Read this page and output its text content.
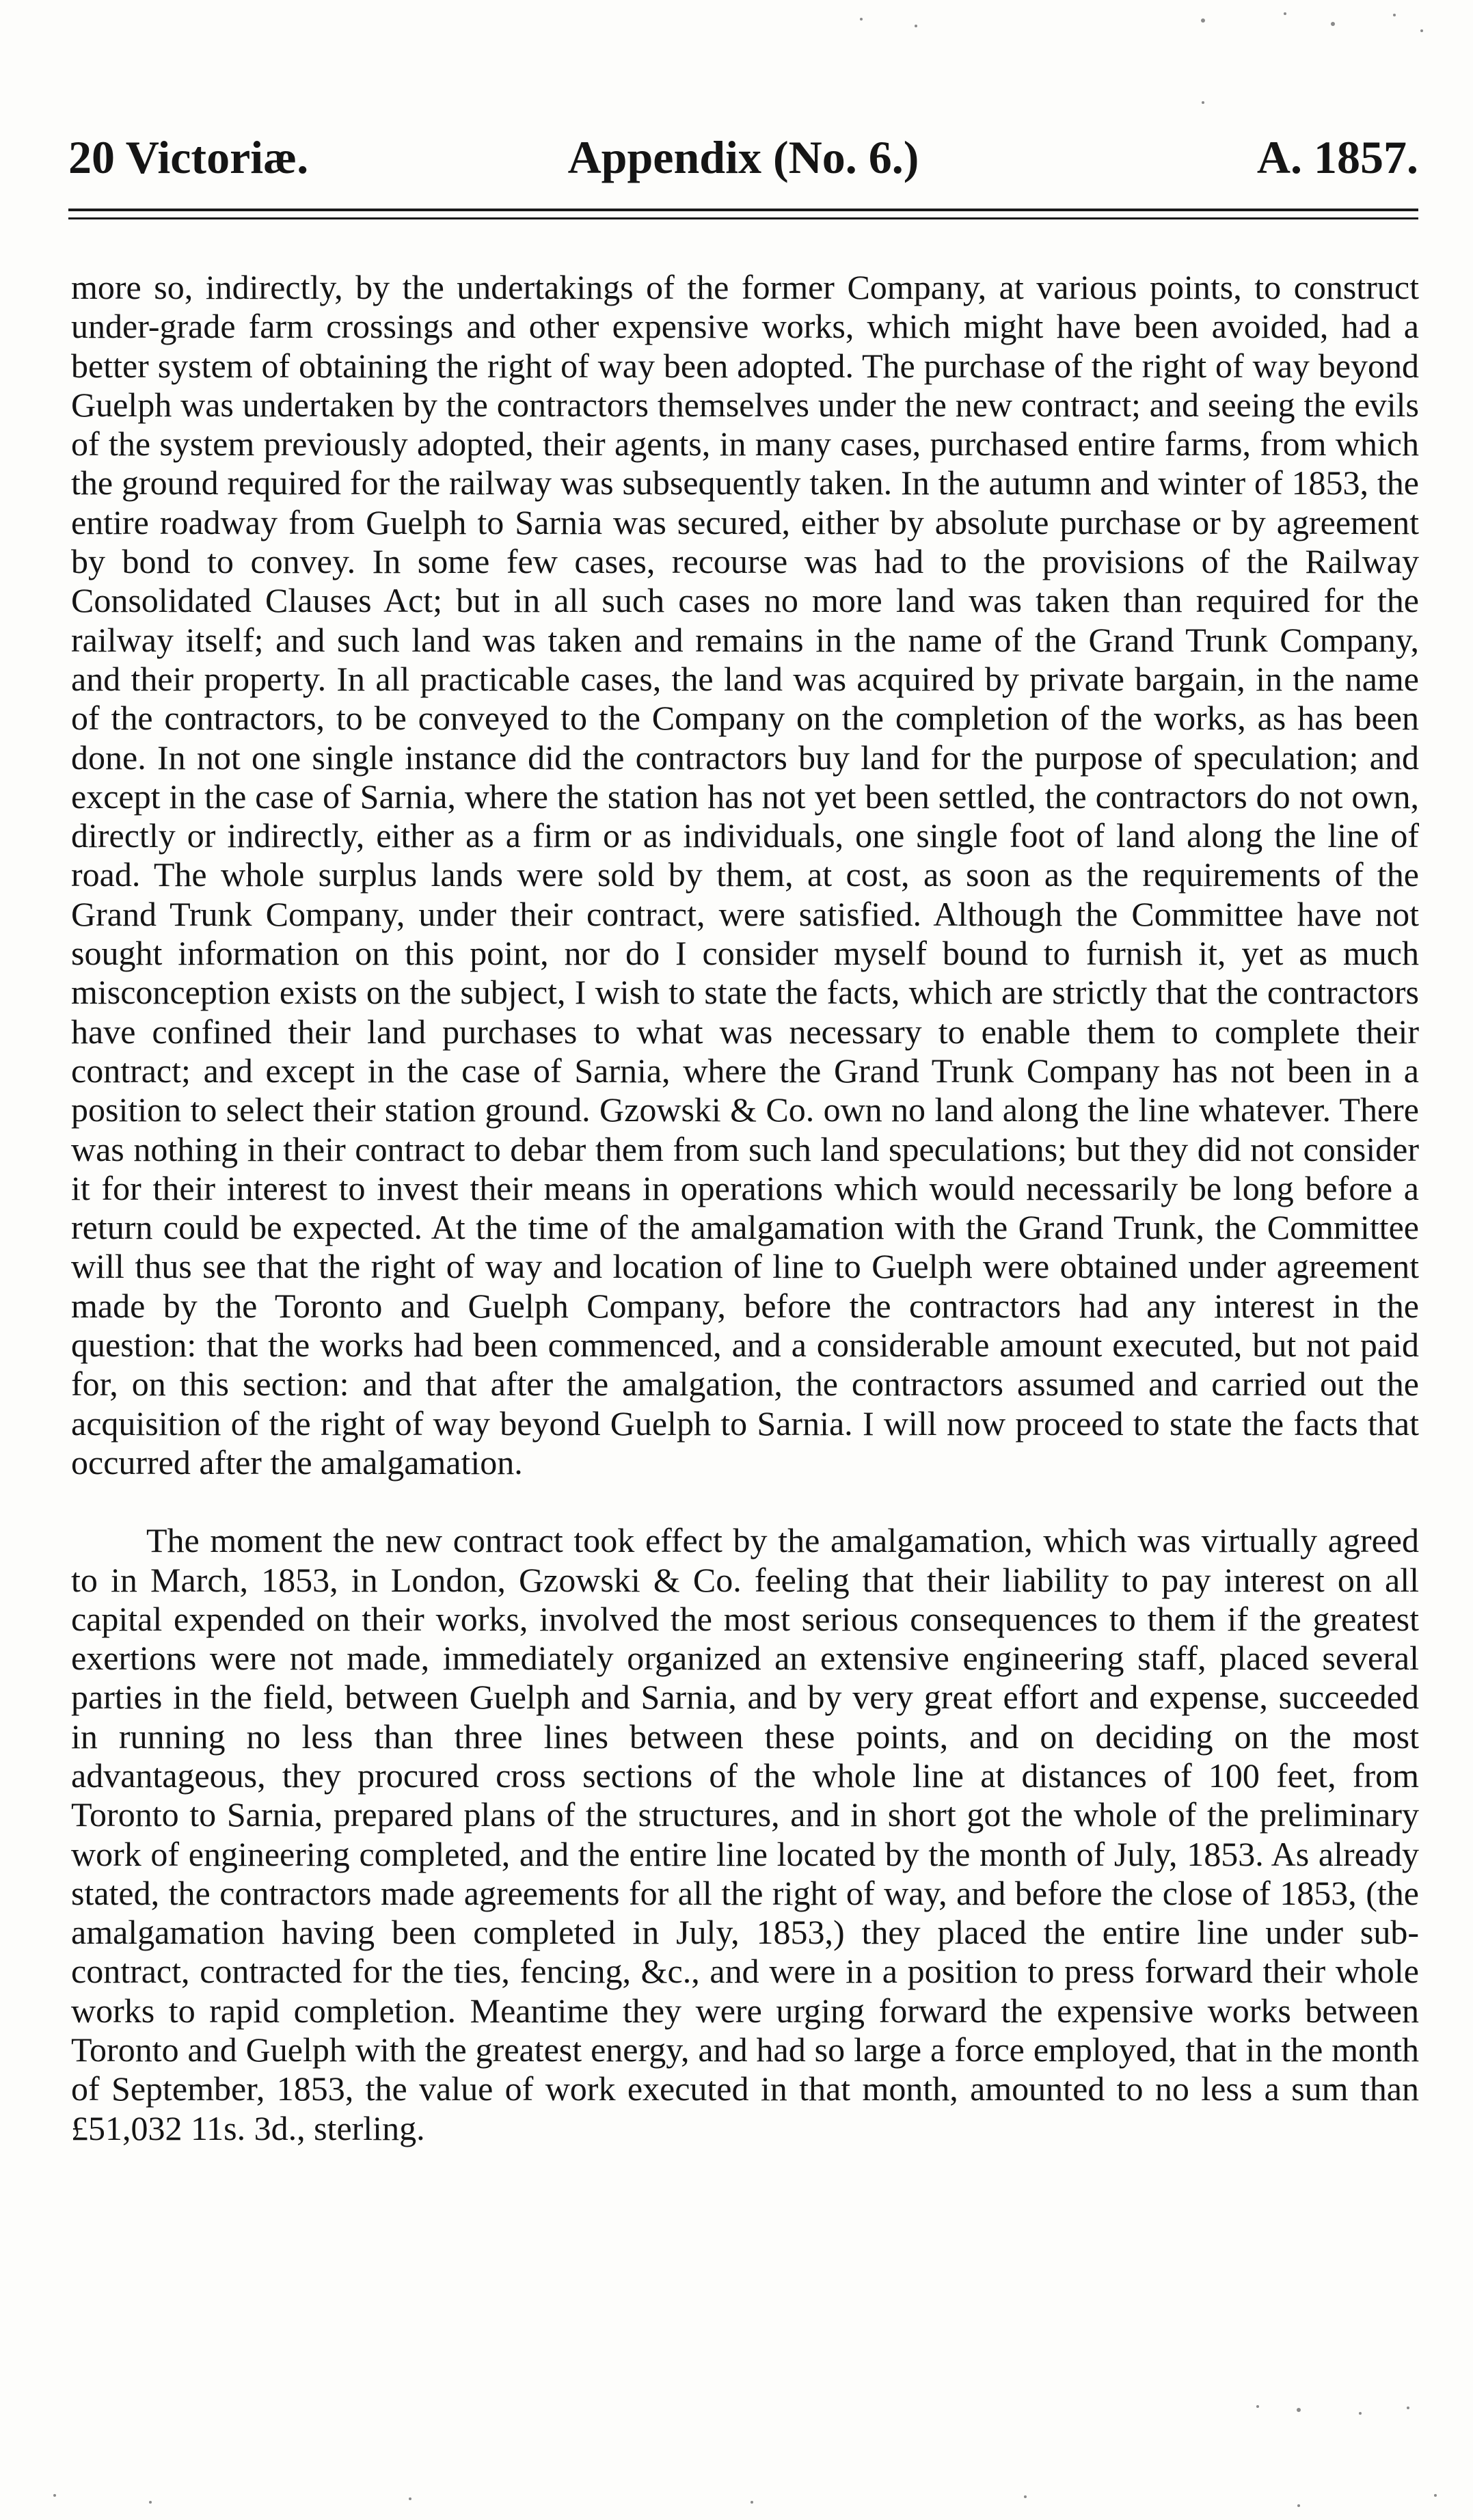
20 Victoriæ.	Appendix (No. 6.)	A. 1857.

more so, indirectly, by the undertakings of the former Company, at various points, to construct under-grade farm crossings and other expensive works, which might have been avoided, had a better system of obtaining the right of way been adopted. The purchase of the right of way beyond Guelph was undertaken by the contractors themselves under the new contract; and seeing the evils of the system previously adopted, their agents, in many cases, purchased entire farms, from which the ground required for the railway was subsequently taken. In the autumn and winter of 1853, the entire roadway from Guelph to Sarnia was secured, either by absolute purchase or by agreement by bond to convey. In some few cases, recourse was had to the provisions of the Railway Consolidated Clauses Act; but in all such cases no more land was taken than required for the railway itself; and such land was taken and remains in the name of the Grand Trunk Company, and their property. In all practicable cases, the land was acquired by private bargain, in the name of the contractors, to be conveyed to the Company on the completion of the works, as has been done. In not one single instance did the contractors buy land for the purpose of speculation; and except in the case of Sarnia, where the station has not yet been settled, the contractors do not own, directly or indirectly, either as a firm or as individuals, one single foot of land along the line of road. The whole surplus lands were sold by them, at cost, as soon as the requirements of the Grand Trunk Company, under their contract, were satisfied. Although the Committee have not sought information on this point, nor do I consider myself bound to furnish it, yet as much misconception exists on the subject, I wish to state the facts, which are strictly that the contractors have confined their land purchases to what was necessary to enable them to complete their contract; and except in the case of Sarnia, where the Grand Trunk Company has not been in a position to select their station ground. Gzowski & Co. own no land along the line whatever. There was nothing in their contract to debar them from such land speculations; but they did not consider it for their interest to invest their means in operations which would necessarily be long before a return could be expected. At the time of the amalgamation with the Grand Trunk, the Committee will thus see that the right of way and location of line to Guelph were obtained under agreement made by the Toronto and Guelph Company, before the contractors had any interest in the question: that the works had been commenced, and a considerable amount executed, but not paid for, on this section: and that after the amalgation, the contractors assumed and carried out the acquisition of the right of way beyond Guelph to Sarnia. I will now proceed to state the facts that occurred after the amalgamation.

The moment the new contract took effect by the amalgamation, which was virtually agreed to in March, 1853, in London, Gzowski & Co. feeling that their liability to pay interest on all capital expended on their works, involved the most serious consequences to them if the greatest exertions were not made, immediately organized an extensive engineering staff, placed several parties in the field, between Guelph and Sarnia, and by very great effort and expense, succeeded in running no less than three lines between these points, and on deciding on the most advantageous, they procured cross sections of the whole line at distances of 100 feet, from Toronto to Sarnia, prepared plans of the structures, and in short got the whole of the preliminary work of engineering completed, and the entire line located by the month of July, 1853. As already stated, the contractors made agreements for all the right of way, and before the close of 1853, (the amalgamation having been completed in July, 1853,) they placed the entire line under sub-contract, contracted for the ties, fencing, &c., and were in a position to press forward their whole works to rapid completion. Meantime they were urging forward the expensive works between Toronto and Guelph with the greatest energy, and had so large a force employed, that in the month of September, 1853, the value of work executed in that month, amounted to no less a sum than £51,032 11s. 3d., sterling.
